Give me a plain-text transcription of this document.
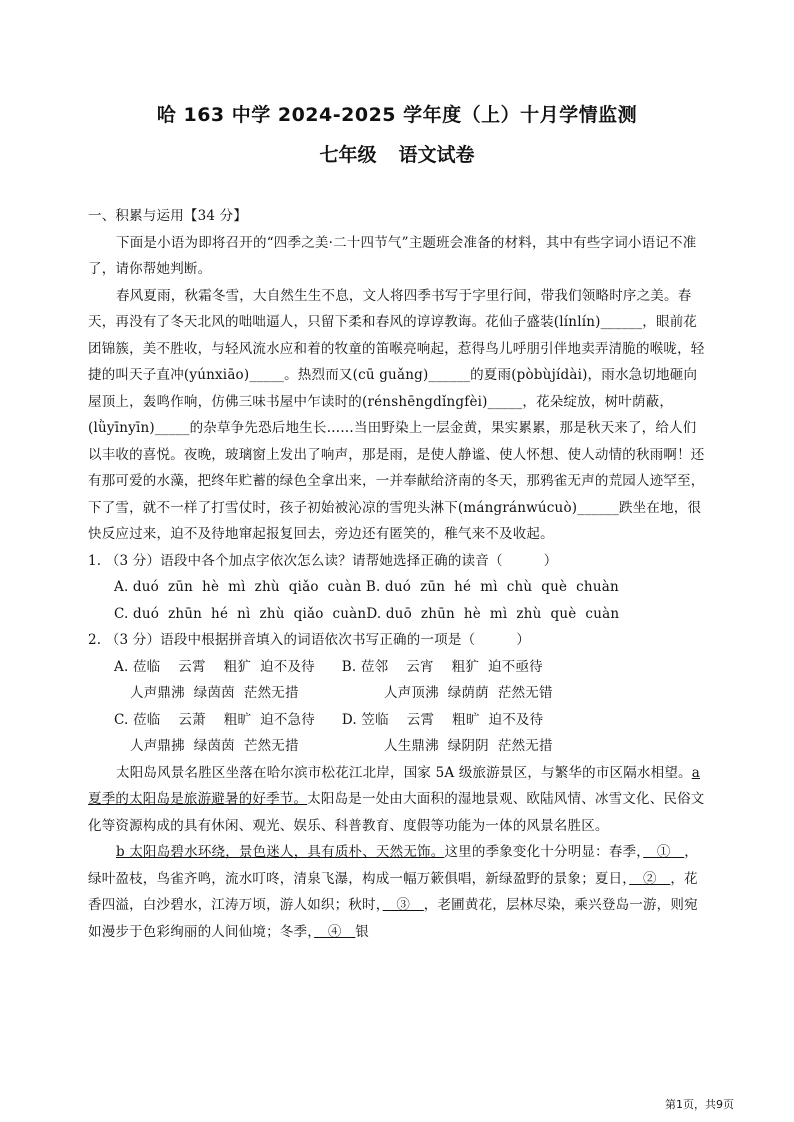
哈 163 中学 2024-2025 学年度（上）十月学情监测
七年级 语文试卷

一、积累与运用【34 分】

下面是小语为即将召开的“四季之美·二十四节气”主题班会准备的材料，其中有些字词小语记不准了，请你帮她判断。

春风夏雨，秋霜冬雪，大自然生生不息，文人将四季书写于字里行间，带我们领略时序之美。春天，再没有了冬天北风的咄咄逼人，只留下柔和春风的谆谆教诲。花仙子盛装(línlín)______，眼前花团锦簇，美不胜收，与轻风流水应和着的牧童的笛喉亮响起，惹得鸟儿呼朋引伴地卖弄清脆的喉咙，轻捷的叫天子直冲(yúnxiāo)_____。热烈而又(cū guǎng)______的夏雨(pòbùjídài)，雨水急切地砸向屋顶上，轰鸣作响，仿佛三味书屋中乍读时的(rénshēngdǐngfèi)_____，花朵绽放，树叶荫蔽，(lǜyīnyīn)_____的杂草争先恐后地生长……当田野染上一层金黄，果实累累，那是秋天来了，给人们以丰收的喜悦。夜晚，玻璃窗上发出了响声，那是雨，是使人静谧、使人怀想、使人动情的秋雨啊！还有那可爱的水藻，把终年贮蓄的绿色全拿出来，一并奉献给济南的冬天，那鸦雀无声的荒园人迹罕至，下了雪，就不一样了打雪仗时，孩子初始被沁凉的雪兜头淋下(mángránwúcuò)______跌坐在地，很快反应过来，迫不及待地窜起报复回去，旁边还有匿笑的，稚气来不及收起。

1. （3 分）语段中各个加点字依次怎么读？请帮她选择正确的读音（　　　）

A. duó  zūn  hè  mì  zhù  qiǎo  cuàn B. duó  zūn  hé  mì  chù  què  chuàn

C. duó  zhūn  hé  nì  zhù  qiǎo  cuànD. duō  zhūn  hè  mì  zhù  què  cuàn

2. （3 分）语段中根据拼音填入的词语依次书写正确的一项是（　　　）

A. 莅临    云霄    粗犷  迫不及待      B. 莅邻    云宵    粗犷  迫不亟待

人声鼎沸  绿茵茵  茫然无措                   人声顶沸  绿荫荫  茫然无错

C. 莅临    云萧    粗旷  迫不急待      D. 笠临    云霄    粗旷  迫不及待

人声鼎拂  绿茵茵  芒然无措                   人生鼎沸  绿阴阴  茫然无措

太阳岛风景名胜区坐落在哈尔滨市松花江北岸，国家 5A 级旅游景区，与繁华的市区隔水相望。a 夏季的太阳岛是旅游避暑的好季节。太阳岛是一处由大面积的湿地景观、欧陆风情、冰雪文化、民俗文化等资源构成的具有休闲、观光、娱乐、科普教育、度假等功能为一体的风景名胜区。

b 太阳岛碧水环绕，景色迷人，具有质朴、天然无饰。这里的季象变化十分明显：春季，　①　，绿叶盈枝，鸟雀齐鸣，流水叮咚，清泉飞瀑，构成一幅万簌俱唱，新绿盈野的景象；夏日，　②　，花香四溢，白沙碧水，江涛万顷，游人如织；秋时，　③　，老圃黄花，层林尽染，乘兴登岛一游，则宛如漫步于色彩绚丽的人间仙境；冬季，　④　银

第1页，共9页
